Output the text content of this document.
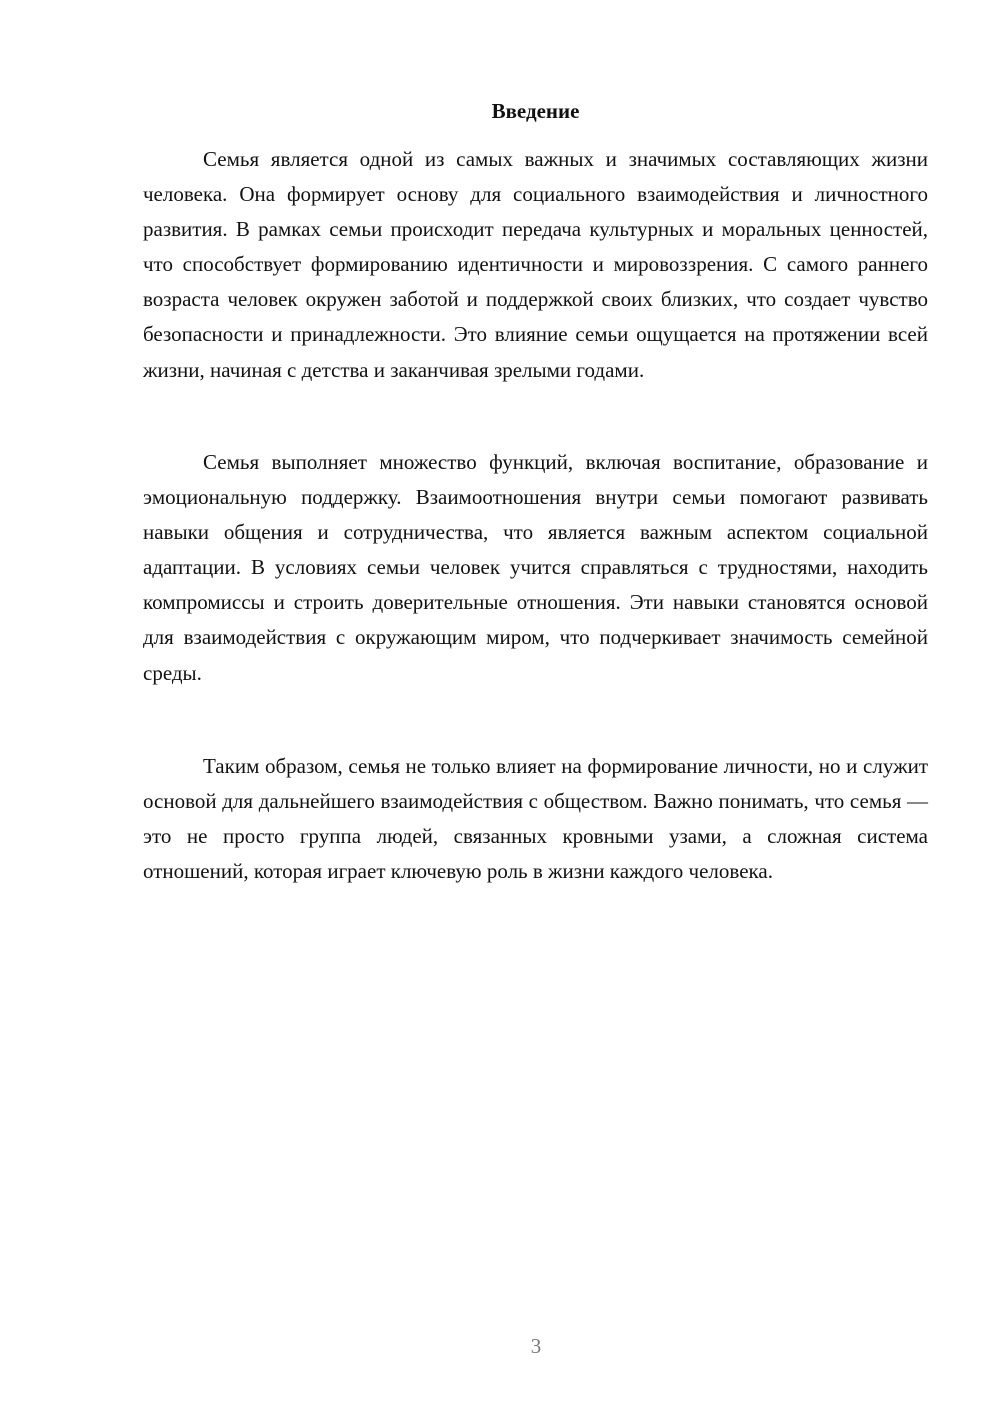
Введение

Семья является одной из самых важных и значимых составляющих жизни человека. Она формирует основу для социального взаимодействия и личностного развития. В рамках семьи происходит передача культурных и моральных ценностей, что способствует формированию идентичности и мировоззрения. С самого раннего возраста человек окружен заботой и поддержкой своих близких, что создает чувство безопасности и принадлежности. Это влияние семьи ощущается на протяжении всей жизни, начиная с детства и заканчивая зрелыми годами.

Семья выполняет множество функций, включая воспитание, образование и эмоциональную поддержку. Взаимоотношения внутри семьи помогают развивать навыки общения и сотрудничества, что является важным аспектом социальной адаптации. В условиях семьи человек учится справляться с трудностями, находить компромиссы и строить доверительные отношения. Эти навыки становятся основой для взаимодействия с окружающим миром, что подчеркивает значимость семейной среды.

Таким образом, семья не только влияет на формирование личности, но и служит основой для дальнейшего взаимодействия с обществом. Важно понимать, что семья — это не просто группа людей, связанных кровными узами, а сложная система отношений, которая играет ключевую роль в жизни каждого человека.

3
